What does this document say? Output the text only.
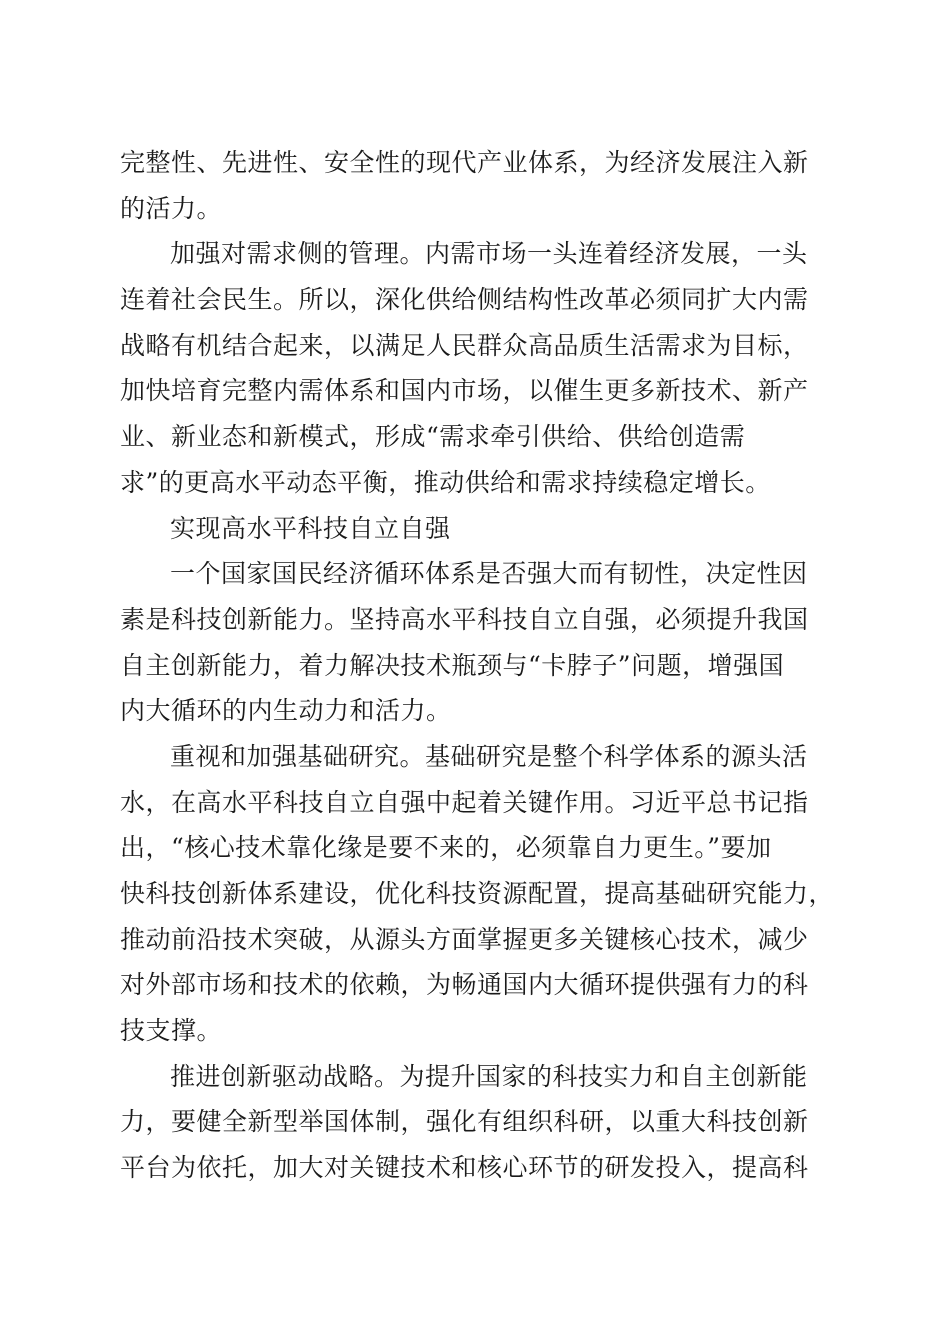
完整性、先进性、安全性的现代产业体系，为经济发展注入新
的活力。
加强对需求侧的管理。内需市场一头连着经济发展，一头
连着社会民生。所以，深化供给侧结构性改革必须同扩大内需
战略有机结合起来，以满足人民群众高品质生活需求为目标，
加快培育完整内需体系和国内市场，以催生更多新技术、新产
业、新业态和新模式，形成“需求牵引供给、供给创造需
求”的更高水平动态平衡，推动供给和需求持续稳定增长。
实现高水平科技自立自强
一个国家国民经济循环体系是否强大而有韧性，决定性因
素是科技创新能力。坚持高水平科技自立自强，必须提升我国
自主创新能力，着力解决技术瓶颈与“卡脖子”问题，增强国
内大循环的内生动力和活力。
重视和加强基础研究。基础研究是整个科学体系的源头活
水，在高水平科技自立自强中起着关键作用。习近平总书记指
出，“核心技术靠化缘是要不来的，必须靠自力更生。”要加
快科技创新体系建设，优化科技资源配置，提高基础研究能力，
推动前沿技术突破，从源头方面掌握更多关键核心技术，减少
对外部市场和技术的依赖，为畅通国内大循环提供强有力的科
技支撑。
推进创新驱动战略。为提升国家的科技实力和自主创新能
力，要健全新型举国体制，强化有组织科研，以重大科技创新
平台为依托，加大对关键技术和核心环节的研发投入，提高科
